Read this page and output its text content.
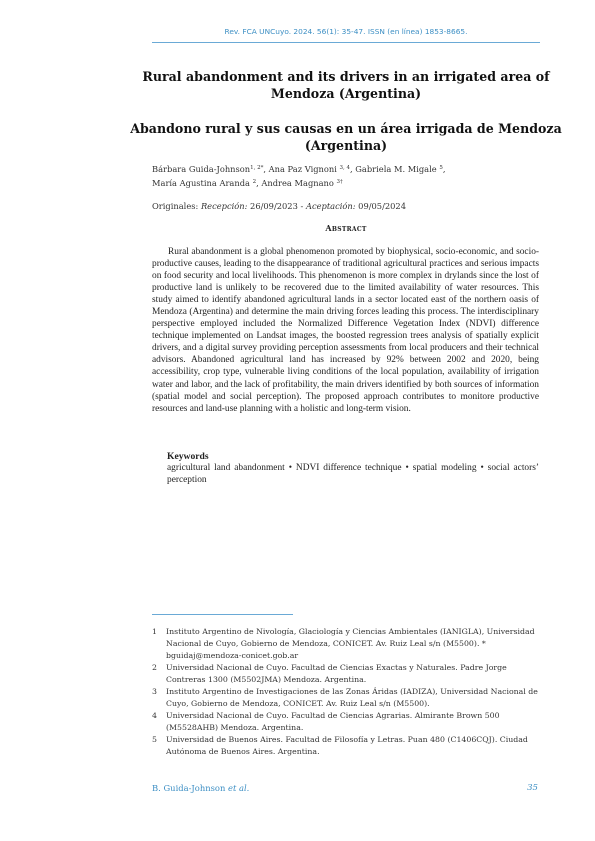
Rev. FCA UNCuyo. 2024. 56(1): 35-47. ISSN (en línea) 1853-8665.
Rural abandonment and its drivers in an irrigated area of Mendoza (Argentina)
Abandono rural y sus causas en un área irrigada de Mendoza (Argentina)
Bárbara Guida-Johnson$^{1, 2*}$, Ana Paz Vignoni $^{3, 4}$, Gabriela M. Migale $^5$,
María Agustina Aranda $^2$, Andrea Magnano $^{3\dagger}$
Originales: Recepción: 26/09/2023 - Aceptación: 09/05/2024
Abstract
Rural abandonment is a global phenomenon promoted by biophysical, socio-economic, and socio-productive causes, leading to the disappearance of traditional agricultural practices and serious impacts on food security and local livelihoods. This phenomenon is more complex in drylands since the lost of productive land is unlikely to be recovered due to the limited availability of water resources. This study aimed to identify abandoned agricultural lands in a sector located east of the northern oasis of Mendoza (Argentina) and determine the main driving forces leading this process. The interdisciplinary perspective employed included the Normalized Difference Vegetation Index (NDVI) difference technique implemented on Landsat images, the boosted regression trees analysis of spatially explicit drivers, and a digital survey providing perception assessments from local producers and their technical advisors. Abandoned agricultural land has increased by 92% between 2002 and 2020, being accessibility, crop type, vulnerable living conditions of the local population, availability of irrigation water and labor, and the lack of profitability, the main drivers identified by both sources of information (spatial model and social perception). The proposed approach contributes to monitore productive resources and land-use planning with a holistic and long-term vision.
Keywords
agricultural land abandonment • NDVI difference technique • spatial modeling • social actors’ perception
1	Instituto Argentino de Nivología, Glaciología y Ciencias Ambientales (IANIGLA), Universidad Nacional de Cuyo, Gobierno de Mendoza, CONICET. Av. Ruiz Leal s/n (M5500). * bguidaj@mendoza-conicet.gob.ar
2	Universidad Nacional de Cuyo. Facultad de Ciencias Exactas y Naturales. Padre Jorge Contreras 1300 (M5502JMA) Mendoza. Argentina.
3	Instituto Argentino de Investigaciones de las Zonas Áridas (IADIZA), Universidad Nacional de Cuyo, Gobierno de Mendoza, CONICET. Av. Ruiz Leal s/n (M5500).
4	Universidad Nacional de Cuyo. Facultad de Ciencias Agrarias. Almirante Brown 500 (M5528AHB) Mendoza. Argentina.
5	Universidad de Buenos Aires. Facultad de Filosofía y Letras. Puan 480 (C1406CQJ). Ciudad Autónoma de Buenos Aires. Argentina.
B. Guida-Johnson et al.	35
